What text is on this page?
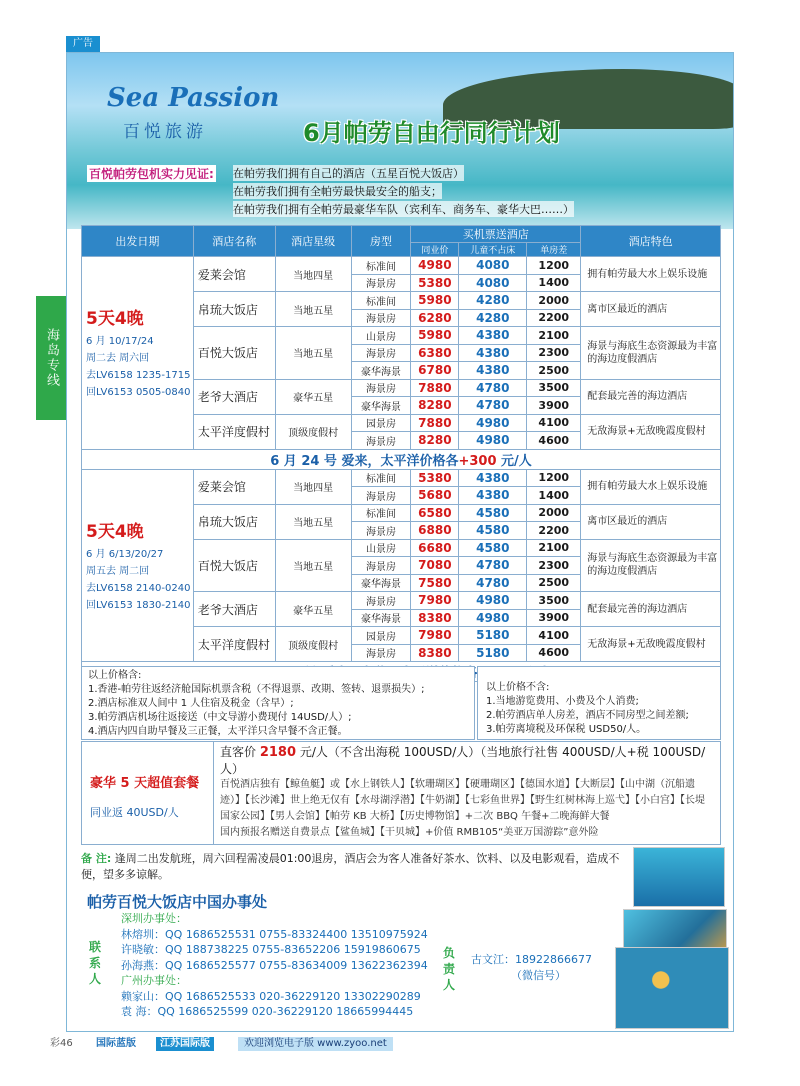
广告
海岛专线
Sea Passion
百悦旅游	6月帕劳自由行同行计划
百悦帕劳包机实力见证: 在帕劳我们拥有自己的酒店（五星百悦大饭店）
在帕劳我们拥有全帕劳最快最安全的船支；
在帕劳我们拥有全帕劳最豪华车队（宾利车、商务车、豪华大巴……）
出发日期	酒店名称	酒店星级	房型	买机票送酒店			酒店特色
				同业价	儿童不占床	单房差	

5天4晚
6 月 10/17/24
周二去 周六回
去LV6158 1235-1715
回LV6153 0505-0840	爱莱会馆	当地四星	标准间	4980	4080	1200	拥有帕劳最大水上娱乐设施
			海景房	5380	4080	1400	
	帛琉大饭店	当地五星	标准间	5980	4280	2000	离市区最近的酒店
			海景房	6280	4280	2200	
	百悦大饭店	当地五星	山景房	5980	4380	2100	海景与海底生态资源最为丰富的海边度假酒店
			海景房	6380	4380	2300	
			豪华海景	6780	4380	2500	
	老爷大酒店	豪华五星	海景房	7880	4780	3500	配套最完善的海边酒店
			豪华海景	8280	4780	3900	
	太平洋度假村	顶级度假村	园景房	7880	4980	4100	无敌海景+无敌晚霞度假村
			海景房	8280	4980	4600	
6 月 24 号 爱来，太平洋价格各+300 元/人							

5天4晚
6 月 6/13/20/27
周五去 周二回
去LV6158 2140-0240
回LV6153 1830-2140	爱莱会馆	当地四星	标准间	5380	4380	1200	拥有帕劳最大水上娱乐设施
			海景房	5680	4380	1400	
	帛琉大饭店	当地五星	标准间	6580	4580	2000	离市区最近的酒店
			海景房	6880	4580	2200	
	百悦大饭店	当地五星	山景房	6680	4580	2100	海景与海底生态资源最为丰富的海边度假酒店
			海景房	7080	4780	2300	
			豪华海景	7580	4780	2500	
	老爷大酒店	豪华五星	海景房	7980	4980	3500	配套最完善的海边酒店
			豪华海景	8380	4980	3900	
	太平洋度假村	顶级度假村	园景房	7980	5180	4100	无敌海景+无敌晚霞度假村
			海景房	8380	5180	4600	

以上价格含:
1.香港-帕劳往返经济舱国际机票含税（不得退票、改期、签转、退票损失）;
2.酒店标准双人间中 1 人住宿及税金（含早）;
3.帕劳酒店机场往返接送（中文导游小费现付 14USD/人）;
4.酒店内四自助早餐及三正餐，太平洋只含早餐不含正餐。
以上价格不含:
1.当地游览费用、小费及个人消费;
2.帕劳酒店单人房差，酒店不同房型之间差额;
3.帕劳离境税及环保税 USD50/人。
豪华 5 天超值套餐
同业返 40USD/人
直客价 2180 元/人（不含出海税 100USD/人）（当地旅行社售 400USD/人+税 100USD/人）
百悦酒店独有【鲸鱼艇】或【水上钢铁人】【软珊瑚区】【硬珊瑚区】【德国水道】【大断层】【山中湖（沉船遗迹）】【长沙滩】世上绝无仅有【水母湖浮潜】【牛奶湖】【七彩鱼世界】【野生红树林海上巡弋】【小白宫】【长堤国家公园】【男人会馆】【帕劳 KB 大桥】【历史博物馆】+二次 BBQ 午餐+二晚海鲜大餐
国内预报名赠送自费景点【鲨鱼城】【干贝城】+价值 RMB105“美亚万国游踪”意外险
备 注: 逢周二出发航班，周六回程需凌晨01:00退房，酒店会为客人准备好茶水、饮料、以及电影观看，造成不便，望多多谅解。
帕劳百悦大饭店中国办事处
联系人
深圳办事处：
林熔圳：QQ 1686525531 0755-83324400 13510975924
许晓敏：QQ 188738225 0755-83652206 15919860675
孙海燕：QQ 1686525577 0755-83634009 13622362394
广州办事处：
赖家山：QQ 1686525533 020-36229120 13302290289
袁 海：QQ 1686525599 020-36229120 18665994445
负责人
古文江：18922866677
（微信号）
彩46 国际蓝版	江苏国际版	欢迎浏览电子版 www.zyoo.net
